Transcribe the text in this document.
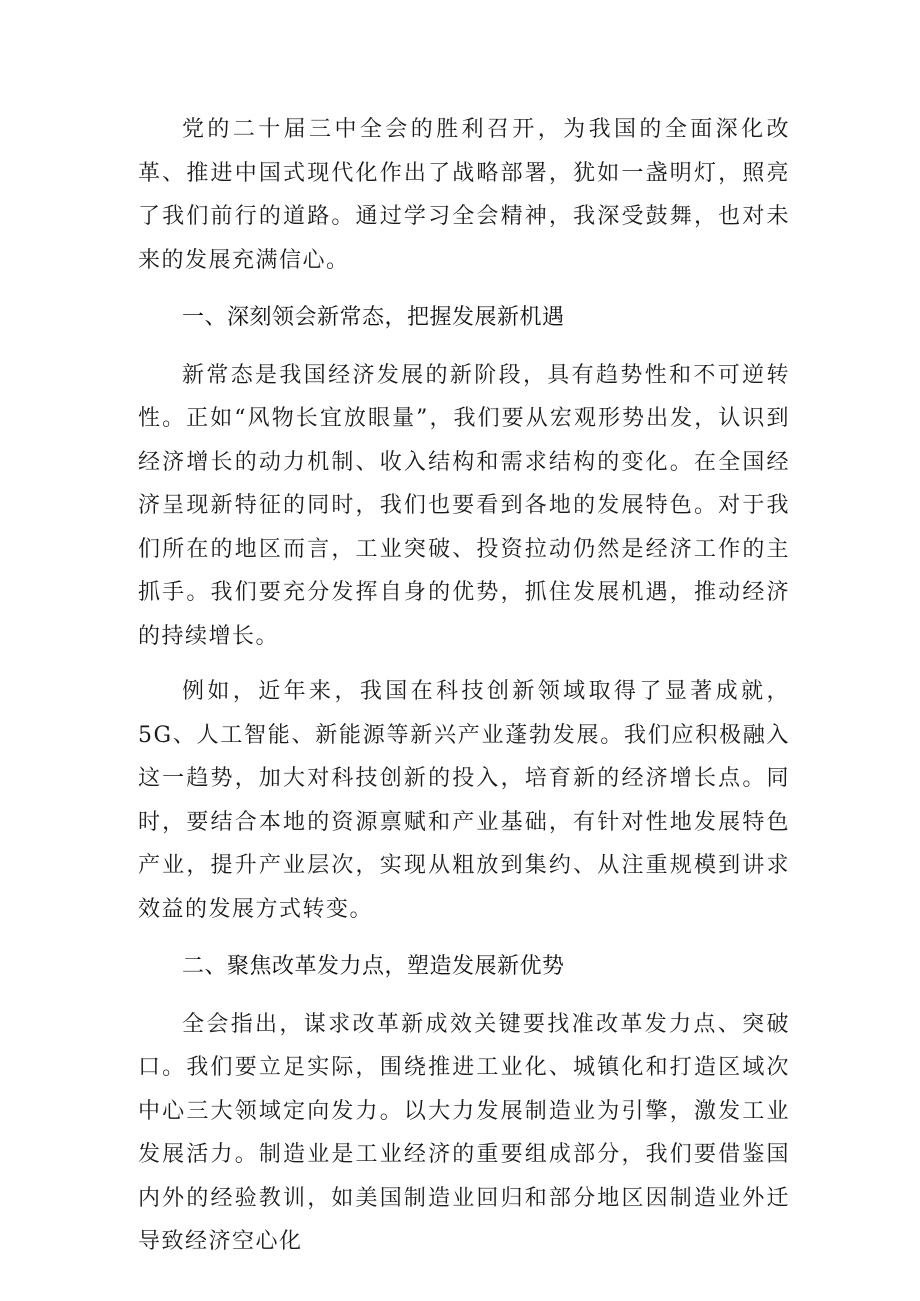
党的二十届三中全会的胜利召开，为我国的全面深化改革、推进中国式现代化作出了战略部署，犹如一盏明灯，照亮了我们前行的道路。通过学习全会精神，我深受鼓舞，也对未来的发展充满信心。

一、深刻领会新常态，把握发展新机遇

新常态是我国经济发展的新阶段，具有趋势性和不可逆转性。正如“风物长宜放眼量”，我们要从宏观形势出发，认识到经济增长的动力机制、收入结构和需求结构的变化。在全国经济呈现新特征的同时，我们也要看到各地的发展特色。对于我们所在的地区而言，工业突破、投资拉动仍然是经济工作的主抓手。我们要充分发挥自身的优势，抓住发展机遇，推动经济的持续增长。

例如，近年来，我国在科技创新领域取得了显著成就，5G、人工智能、新能源等新兴产业蓬勃发展。我们应积极融入这一趋势，加大对科技创新的投入，培育新的经济增长点。同时，要结合本地的资源禀赋和产业基础，有针对性地发展特色产业，提升产业层次，实现从粗放到集约、从注重规模到讲求效益的发展方式转变。

二、聚焦改革发力点，塑造发展新优势

全会指出，谋求改革新成效关键要找准改革发力点、突破口。我们要立足实际，围绕推进工业化、城镇化和打造区域次中心三大领域定向发力。以大力发展制造业为引擎，激发工业发展活力。制造业是工业经济的重要组成部分，我们要借鉴国内外的经验教训，如美国制造业回归和部分地区因制造业外迁导致经济空心化
